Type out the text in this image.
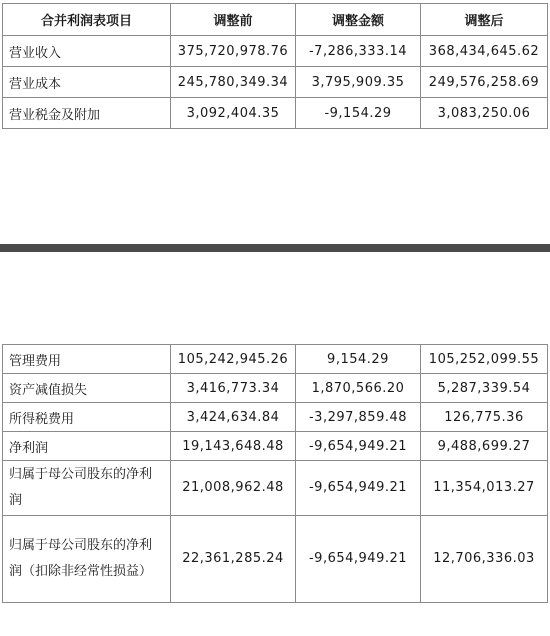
合并利润表项目	调整前	调整金额	调整后
营业收入	375,720,978.76	-7,286,333.14	368,434,645.62
营业成本	245,780,349.34	3,795,909.35	249,576,258.69
营业税金及附加	3,092,404.35	-9,154.29	3,083,250.06
管理费用	105,242,945.26	9,154.29	105,252,099.55
资产减值损失	3,416,773.34	1,870,566.20	5,287,339.54
所得税费用	3,424,634.84	-3,297,859.48	126,775.36
净利润	19,143,648.48	-9,654,949.21	9,488,699.27
归属于母公司股东的净利润	21,008,962.48	-9,654,949.21	11,354,013.27
归属于母公司股东的净利润（扣除非经常性损益）	22,361,285.24	-9,654,949.21	12,706,336.03
